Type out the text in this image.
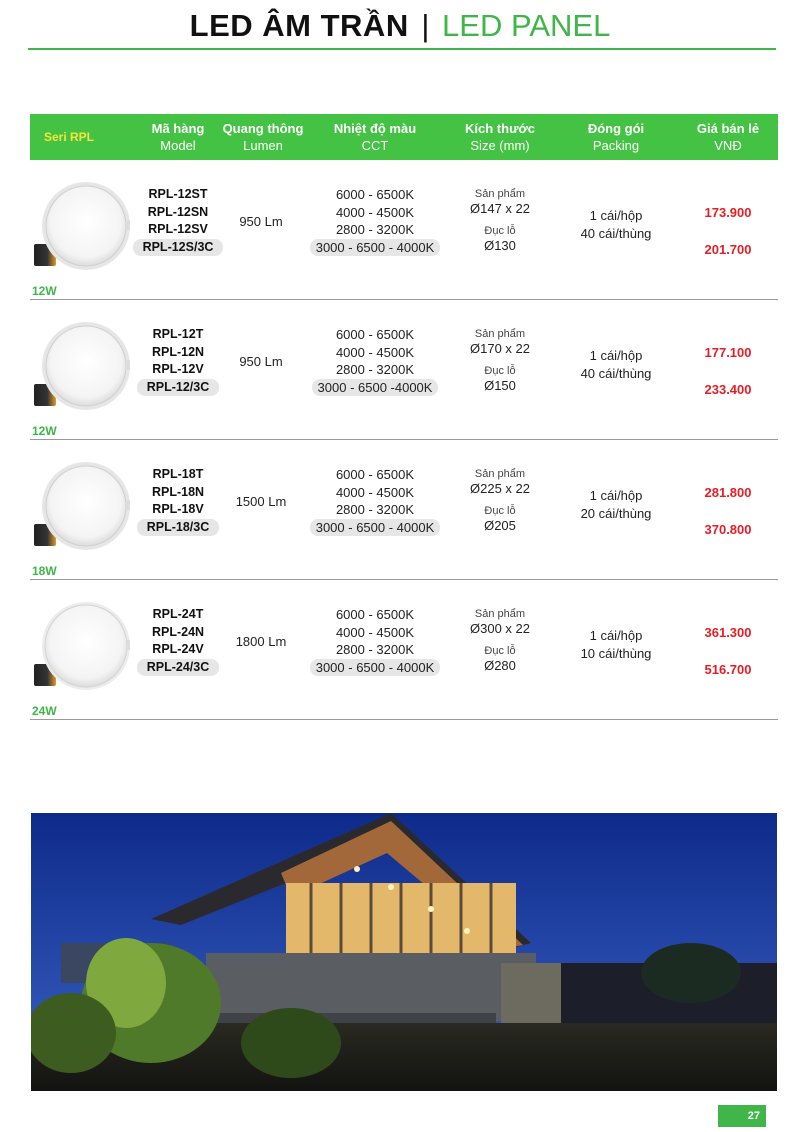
LED ÂM TRẦN | LED PANEL
Seri RPL
Mã hàng
Model
Quang thông
Lumen
Nhiệt độ màu
CCT
Kích thước
Size (mm)
Đóng gói
Packing
Giá bán lẻ
VNĐ
12W
RPL-12ST
RPL-12SN
RPL-12SV
RPL-12S/3C
950 Lm
6000 - 6500K
4000 - 4500K
2800 - 3200K
3000 - 6500 - 4000K
Sản phẩm
Ø147 x 22
Đục lỗ
Ø130
1 cái/hộp
40 cái/thùng
173.900
201.700
12W
RPL-12T
RPL-12N
RPL-12V
RPL-12/3C
950 Lm
6000 - 6500K
4000 - 4500K
2800 - 3200K
3000 - 6500 -4000K
Sản phẩm
Ø170 x 22
Đục lỗ
Ø150
1 cái/hộp
40 cái/thùng
177.100
233.400
18W
RPL-18T
RPL-18N
RPL-18V
RPL-18/3C
1500 Lm
6000 - 6500K
4000 - 4500K
2800 - 3200K
3000 - 6500 - 4000K
Sản phẩm
Ø225 x 22
Đục lỗ
Ø205
1 cái/hộp
20 cái/thùng
281.800
370.800
24W
RPL-24T
RPL-24N
RPL-24V
RPL-24/3C
1800 Lm
6000 - 6500K
4000 - 4500K
2800 - 3200K
3000 - 6500 - 4000K
Sản phẩm
Ø300 x 22
Đục lỗ
Ø280
1 cái/hộp
10 cái/thùng
361.300
516.700
27
